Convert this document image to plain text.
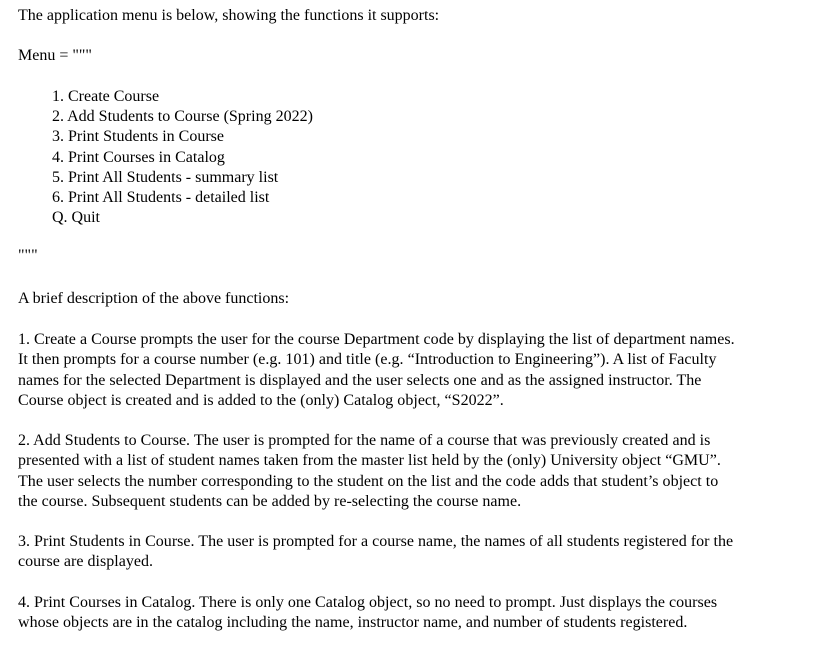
The application menu is below, showing the functions it supports:
Menu = """
1. Create Course
2. Add Students to Course (Spring 2022)
3. Print Students in Course
4. Print Courses in Catalog
5. Print All Students - summary list
6. Print All Students - detailed list
Q. Quit
"""
A brief description of the above functions:
1. Create a Course prompts the user for the course Department code by displaying the list of department names.
It then prompts for a course number (e.g. 101) and title (e.g. “Introduction to Engineering”). A list of Faculty
names for the selected Department is displayed and the user selects one and as the assigned instructor. The
Course object is created and is added to the (only) Catalog object, “S2022”.
2. Add Students to Course. The user is prompted for the name of a course that was previously created and is
presented with a list of student names taken from the master list held by the (only) University object “GMU”.
The user selects the number corresponding to the student on the list and the code adds that student’s object to
the course. Subsequent students can be added by re-selecting the course name.
3. Print Students in Course. The user is prompted for a course name, the names of all students registered for the
course are displayed.
4. Print Courses in Catalog. There is only one Catalog object, so no need to prompt. Just displays the courses
whose objects are in the catalog including the name, instructor name, and number of students registered.
